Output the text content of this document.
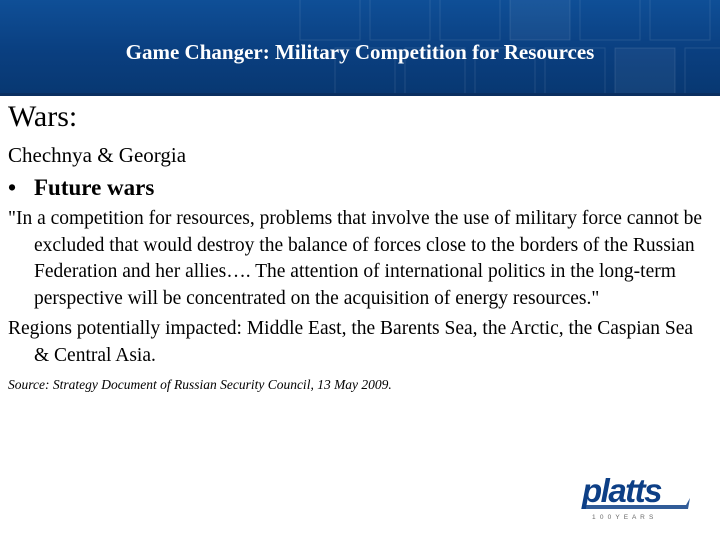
Game Changer: Military Competition for Resources
Wars:
Chechnya & Georgia
• Future wars
"In a competition for resources, problems that involve the use of military force cannot be excluded that would destroy the balance of forces close to the borders of the Russian Federation and her allies…. The attention of international politics in the long-term perspective will be concentrated on the acquisition of energy resources."
Regions potentially impacted: Middle East, the Barents Sea, the Arctic, the Caspian Sea & Central Asia.
Source: Strategy Document of Russian Security Council, 13 May 2009.
platts
1 0 0 Y E A R S
